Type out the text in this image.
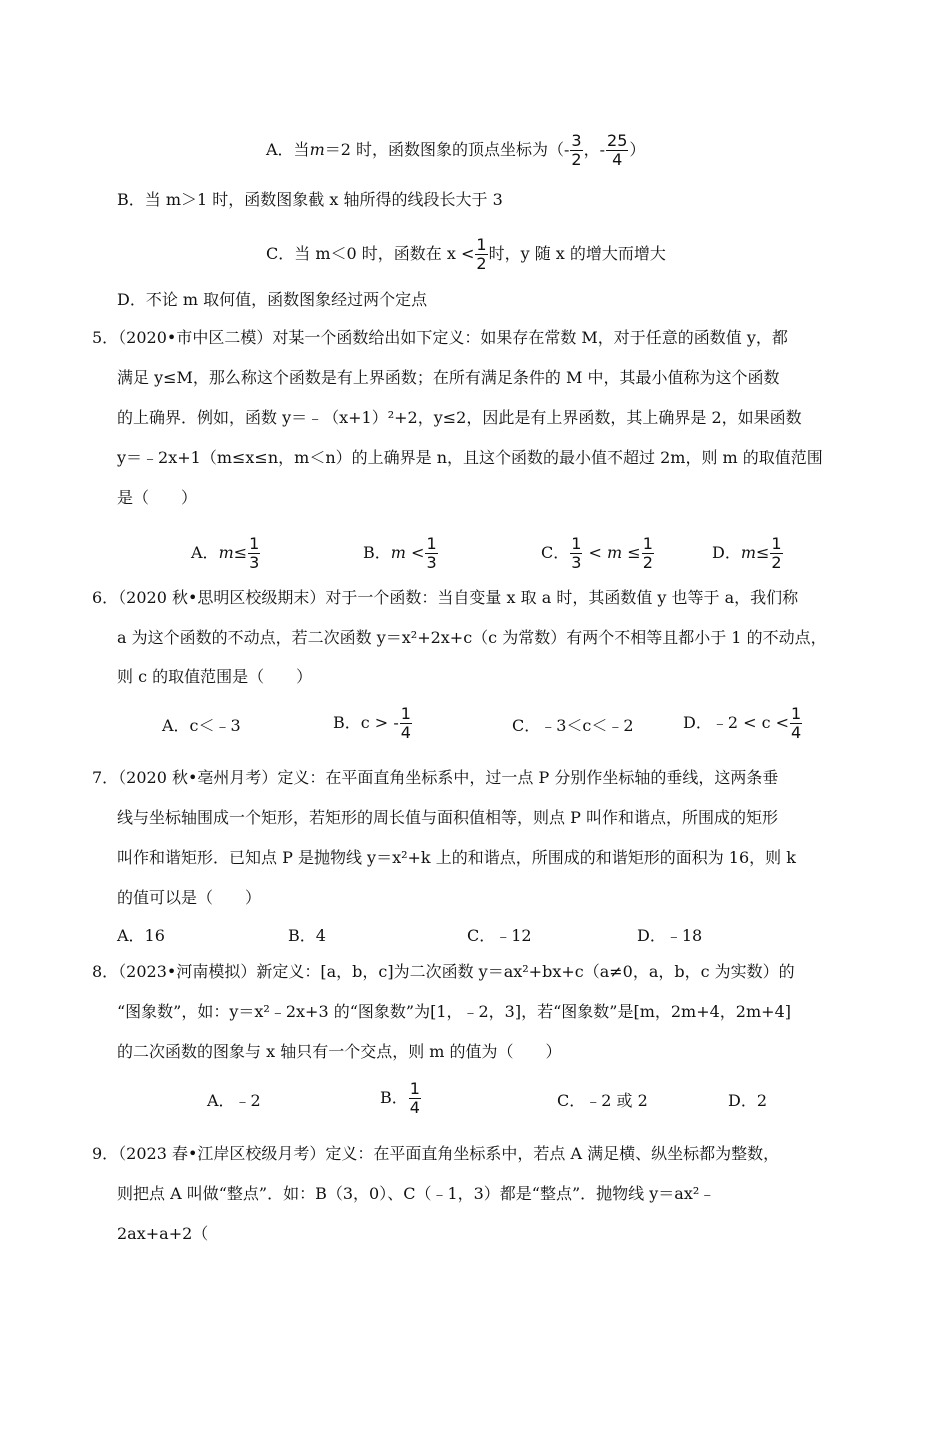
A．当m＝2 时，函数图象的顶点坐标为（- $\frac{3}{2}$ ，- $\frac{25}{4}$ ）
B．当 m＞1 时，函数图象截 x 轴所得的线段长大于 3
C．当 m＜0 时，函数在 $x < \frac{1}{2}$ 时，y 随 x 的增大而增大
D．不论 m 取何值，函数图象经过两个定点
5．（2020•市中区二模）对某一个函数给出如下定义：如果存在常数 M，对于任意的函数值 y，都
满足 y≤M，那么称这个函数是有上界函数；在所有满足条件的 M 中，其最小值称为这个函数
的上确界．例如，函数 y＝﹣（x+1）²+2，y≤2，因此是有上界函数，其上确界是 2，如果函数
y＝﹣2x+1（m≤x≤n，m＜n）的上确界是 n，且这个函数的最小值不超过 2m，则 m 的取值范围
是（　　）
A．$m\le \frac{1}{3}$	B．$m < \frac{1}{3}$	C． $\frac{1}{3} < m \le \frac{1}{2}$	D．$m\le \frac{1}{2}$
6．（2020 秋•思明区校级期末）对于一个函数：当自变量 x 取 a 时，其函数值 y 也等于 a，我们称
a 为这个函数的不动点，若二次函数 y＝x²+2x+c（c 为常数）有两个不相等且都小于 1 的不动点，
则 c 的取值范围是（　　）
A．c＜﹣3	B．c > - $\frac{1}{4}$	C．﹣3＜c＜﹣2	D．﹣2 < $c < \frac{1}{4}$
7．（2020 秋•亳州月考）定义：在平面直角坐标系中，过一点 P 分别作坐标轴的垂线，这两条垂
线与坐标轴围成一个矩形，若矩形的周长值与面积值相等，则点 P 叫作和谐点，所围成的矩形
叫作和谐矩形．已知点 P 是抛物线 y＝x²+k 上的和谐点，所围成的和谐矩形的面积为 16，则 k
的值可以是（　　）
A．16	B．4	C．﹣12	D．﹣18
8．（2023•河南模拟）新定义：[a，b，c]为二次函数 y＝ax²+bx+c（a≠0，a，b，c 为实数）的
“图象数”，如：y＝x²﹣2x+3 的“图象数”为[1，﹣2，3]，若“图象数”是[m，2m+4，2m+4]
的二次函数的图象与 x 轴只有一个交点，则 m 的值为（　　）
A．﹣2	B． $\frac{1}{4}$	C．﹣2 或 2	D．2
9．（2023 春•江岸区校级月考）定义：在平面直角坐标系中，若点 A 满足横、纵坐标都为整数，
则把点 A 叫做“整点”．如：B（3，0）、C（﹣1，3）都是“整点”．抛物线 y＝ax²﹣
2ax+a+2（
